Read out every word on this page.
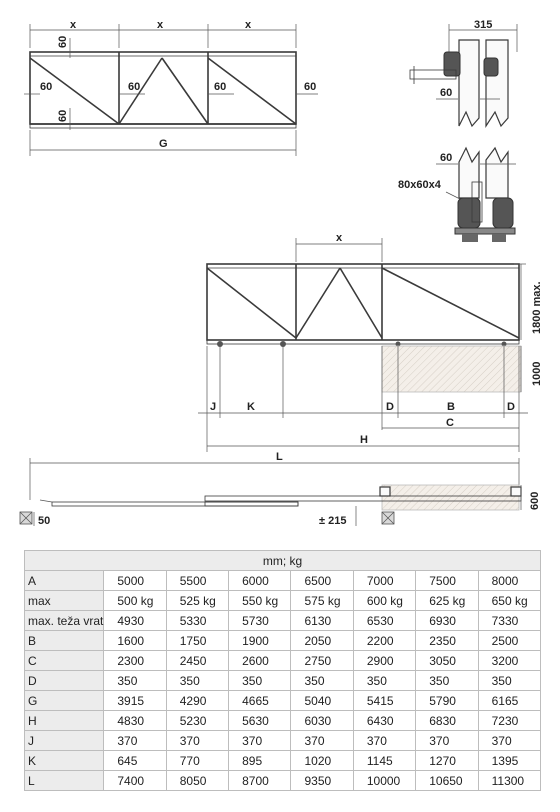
x	x	x
60
60	60	60	60
60
G
315
60
60
80x60x4
x
1800 max.
1000
J	K	D	B	D
C
H
L
50	± 215
600
mm; kg							
A	5000	5500	6000	6500	7000	7500	8000
max	500 kg	525 kg	550 kg	575 kg	600 kg	625 kg	650 kg
max. teža vrat	4930	5330	5730	6130	6530	6930	7330
B	1600	1750	1900	2050	2200	2350	2500
C	2300	2450	2600	2750	2900	3050	3200
D	350	350	350	350	350	350	350
G	3915	4290	4665	5040	5415	5790	6165
H	4830	5230	5630	6030	6430	6830	7230
J	370	370	370	370	370	370	370
K	645	770	895	1020	1145	1270	1395
L	7400	8050	8700	9350	10000	10650	11300
